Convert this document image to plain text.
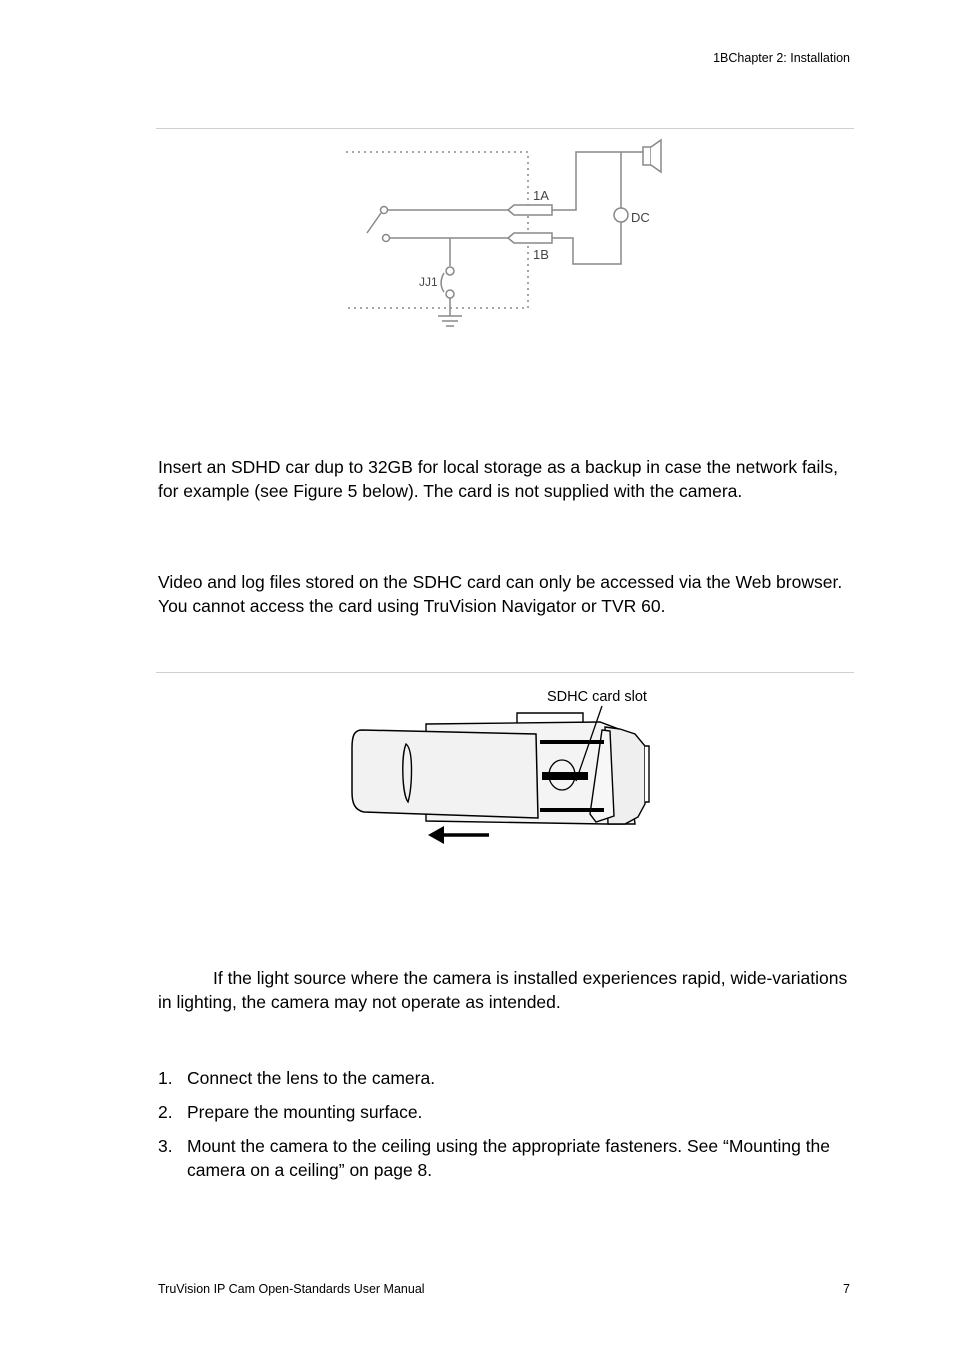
1BChapter 2: Installation
1A
1B
DC
JJ1
Insert an SDHD car dup to 32GB for local storage as a backup in case the network fails, for example (see Figure 5 below). The card is not supplied with the camera.
Video and log files stored on the SDHC card can only be accessed via the Web browser. You cannot access the card using TruVision Navigator or TVR 60.
SDHC card slot
If the light source where the camera is installed experiences rapid, wide-variations in lighting, the camera may not operate as intended.
1. Connect the lens to the camera.
2. Prepare the mounting surface.
3. Mount the camera to the ceiling using the appropriate fasteners. See “Mounting the camera on a ceiling” on page 8.
TruVision IP Cam Open-Standards User Manual	7
